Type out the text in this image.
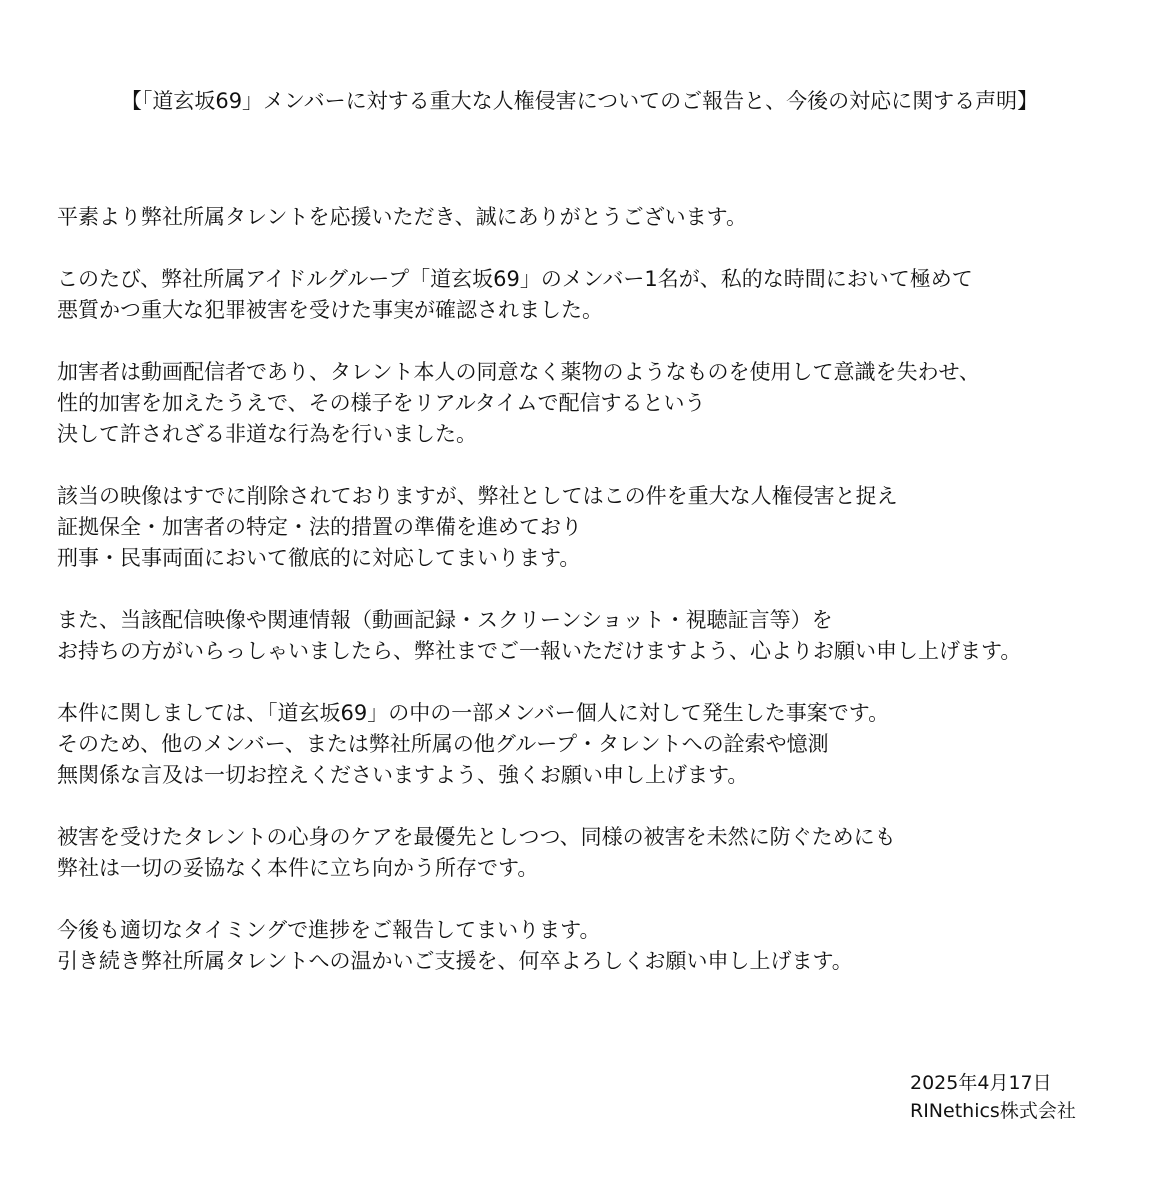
【「道玄坂69」メンバーに対する重大な人権侵害についてのご報告と、今後の対応に関する声明】
平素より弊社所属タレントを応援いただき、誠にありがとうございます。
このたび、弊社所属アイドルグループ「道玄坂69」のメンバー1名が、私的な時間において極めて
悪質かつ重大な犯罪被害を受けた事実が確認されました。
加害者は動画配信者であり、タレント本人の同意なく薬物のようなものを使用して意識を失わせ、
性的加害を加えたうえで、その様子をリアルタイムで配信するという
決して許されざる非道な行為を行いました。
該当の映像はすでに削除されておりますが、弊社としてはこの件を重大な人権侵害と捉え
証拠保全・加害者の特定・法的措置の準備を進めており
刑事・民事両面において徹底的に対応してまいります。
また、当該配信映像や関連情報（動画記録・スクリーンショット・視聴証言等）を
お持ちの方がいらっしゃいましたら、弊社までご一報いただけますよう、心よりお願い申し上げます。
本件に関しましては、「道玄坂69」の中の一部メンバー個人に対して発生した事案です。
そのため、他のメンバー、または弊社所属の他グループ・タレントへの詮索や憶測
無関係な言及は一切お控えくださいますよう、強くお願い申し上げます。
被害を受けたタレントの心身のケアを最優先としつつ、同様の被害を未然に防ぐためにも
弊社は一切の妥協なく本件に立ち向かう所存です。
今後も適切なタイミングで進捗をご報告してまいります。
引き続き弊社所属タレントへの温かいご支援を、何卒よろしくお願い申し上げます。
2025年4月17日
RINethics株式会社
